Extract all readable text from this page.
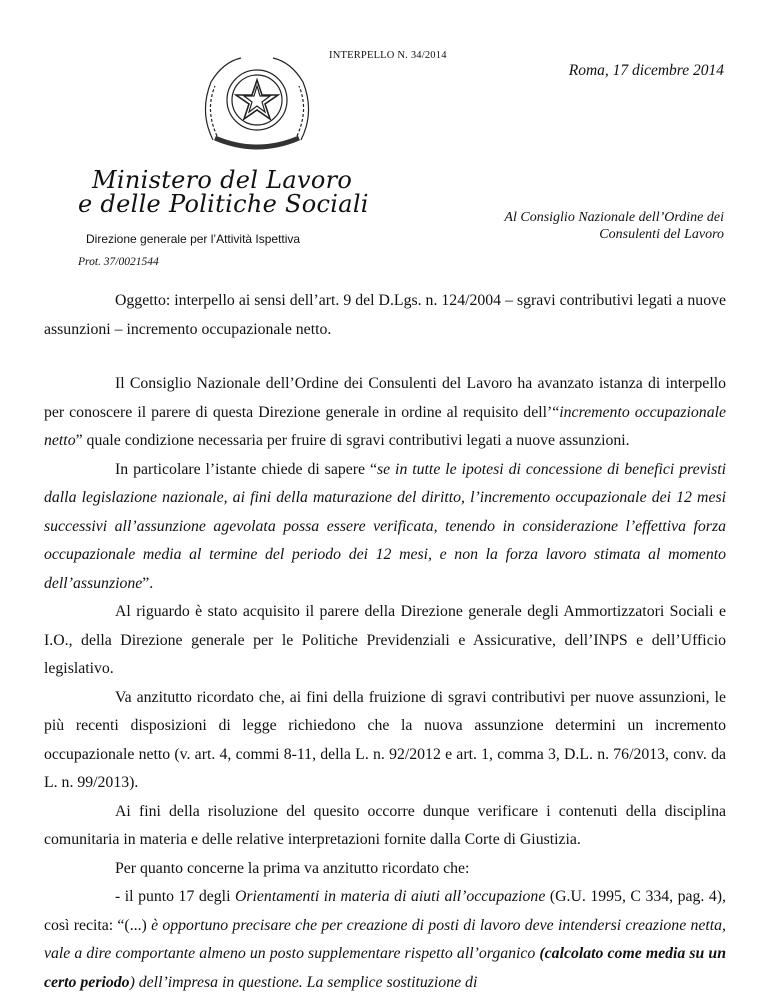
INTERPELLO N. 34/2014
Roma, 17 dicembre 2014
Ministero del Lavoro
e delle Politiche Sociali
Direzione generale per l’Attività Ispettiva
Prot. 37/0021544
Al Consiglio Nazionale dell’Ordine dei
Consulenti del Lavoro

Oggetto: interpello ai sensi dell’art. 9 del D.Lgs. n. 124/2004 – sgravi contributivi legati a nuove assunzioni – incremento occupazionale netto.

Il Consiglio Nazionale dell’Ordine dei Consulenti del Lavoro ha avanzato istanza di interpello per conoscere il parere di questa Direzione generale in ordine al requisito dell’“incremento occupazionale netto” quale condizione necessaria per fruire di sgravi contributivi legati a nuove assunzioni.

In particolare l’istante chiede di sapere “se in tutte le ipotesi di concessione di benefici previsti dalla legislazione nazionale, ai fini della maturazione del diritto, l’incremento occupazionale dei 12 mesi successivi all’assunzione agevolata possa essere verificata, tenendo in considerazione l’effettiva forza occupazionale media al termine del periodo dei 12 mesi, e non la forza lavoro stimata al momento dell’assunzione”.

Al riguardo è stato acquisito il parere della Direzione generale degli Ammortizzatori Sociali e I.O., della Direzione generale per le Politiche Previdenziali e Assicurative, dell’INPS e dell’Ufficio legislativo.

Va anzitutto ricordato che, ai fini della fruizione di sgravi contributivi per nuove assunzioni, le più recenti disposizioni di legge richiedono che la nuova assunzione determini un incremento occupazionale netto (v. art. 4, commi 8-11, della L. n. 92/2012 e art. 1, comma 3, D.L. n. 76/2013, conv. da L. n. 99/2013).

Ai fini della risoluzione del quesito occorre dunque verificare i contenuti della disciplina comunitaria in materia e delle relative interpretazioni fornite dalla Corte di Giustizia.

Per quanto concerne la prima va anzitutto ricordato che:

- il punto 17 degli Orientamenti in materia di aiuti all’occupazione (G.U. 1995, C 334, pag. 4), così recita: “(...) è opportuno precisare che per creazione di posti di lavoro deve intendersi creazione netta, vale a dire comportante almeno un posto supplementare rispetto all’organico (calcolato come media su un certo periodo) dell’impresa in questione. La semplice sostituzione di
